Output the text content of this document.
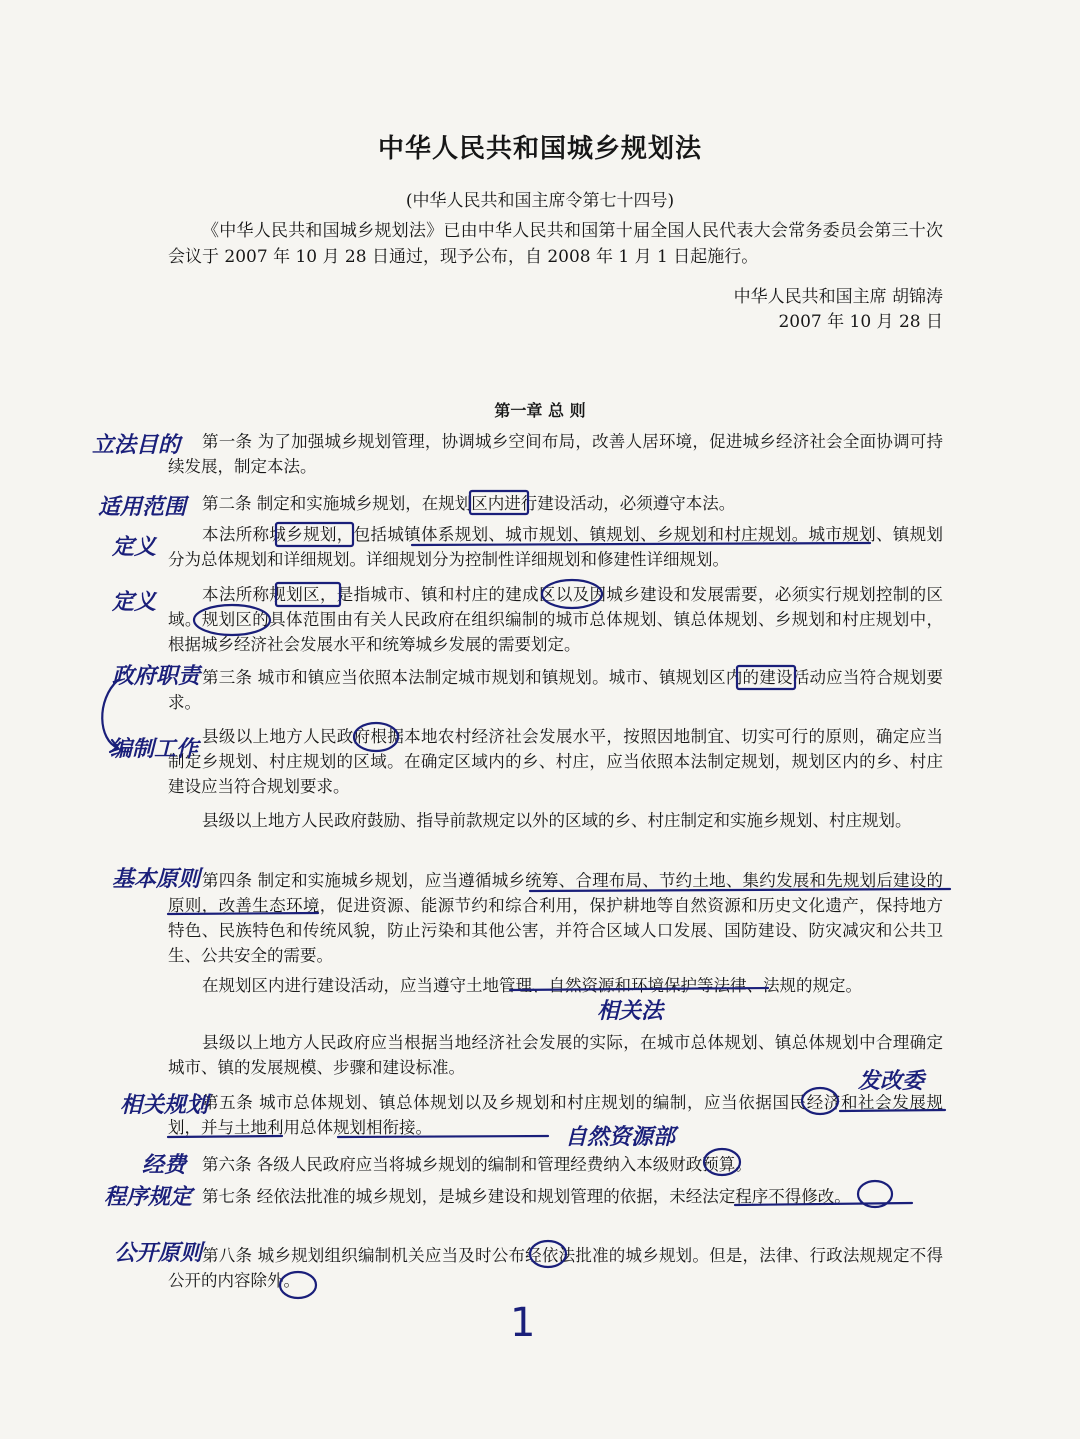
中华人民共和国城乡规划法
(中华人民共和国主席令第七十四号)
《中华人民共和国城乡规划法》已由中华人民共和国第十届全国人民代表大会常务委员会第三十次会议于 2007 年 10 月 28 日通过，现予公布，自 2008 年 1 月 1 日起施行。
中华人民共和国主席 胡锦涛
2007 年 10 月 28 日
第一章 总 则
第一条 为了加强城乡规划管理，协调城乡空间布局，改善人居环境，促进城乡经济社会全面协调可持续发展，制定本法。
第二条 制定和实施城乡规划，在规划区内进行建设活动，必须遵守本法。
本法所称城乡规划，包括城镇体系规划、城市规划、镇规划、乡规划和村庄规划。城市规划、镇规划分为总体规划和详细规划。详细规划分为控制性详细规划和修建性详细规划。
本法所称规划区，是指城市、镇和村庄的建成区以及因城乡建设和发展需要，必须实行规划控制的区域。规划区的具体范围由有关人民政府在组织编制的城市总体规划、镇总体规划、乡规划和村庄规划中，根据城乡经济社会发展水平和统筹城乡发展的需要划定。
第三条 城市和镇应当依照本法制定城市规划和镇规划。城市、镇规划区内的建设活动应当符合规划要求。
县级以上地方人民政府根据本地农村经济社会发展水平，按照因地制宜、切实可行的原则，确定应当制定乡规划、村庄规划的区域。在确定区域内的乡、村庄，应当依照本法制定规划，规划区内的乡、村庄建设应当符合规划要求。
县级以上地方人民政府鼓励、指导前款规定以外的区域的乡、村庄制定和实施乡规划、村庄规划。
第四条 制定和实施城乡规划，应当遵循城乡统筹、合理布局、节约土地、集约发展和先规划后建设的原则，改善生态环境，促进资源、能源节约和综合利用，保护耕地等自然资源和历史文化遗产，保持地方特色、民族特色和传统风貌，防止污染和其他公害，并符合区域人口发展、国防建设、防灾减灾和公共卫生、公共安全的需要。
在规划区内进行建设活动，应当遵守土地管理、自然资源和环境保护等法律、法规的规定。
县级以上地方人民政府应当根据当地经济社会发展的实际，在城市总体规划、镇总体规划中合理确定城市、镇的发展规模、步骤和建设标准。
第五条 城市总体规划、镇总体规划以及乡规划和村庄规划的编制，应当依据国民经济和社会发展规划，并与土地利用总体规划相衔接。
第六条 各级人民政府应当将城乡规划的编制和管理经费纳入本级财政预算。
第七条 经依法批准的城乡规划，是城乡建设和规划管理的依据，未经法定程序不得修改。
第八条 城乡规划组织编制机关应当及时公布经依法批准的城乡规划。但是，法律、行政法规规定不得公开的内容除外。
立法目的
适用范围
定义
定义
政府职责
编制工作
基本原则
相关法
发改委
相关规划
自然资源部
经费
程序规定
公开原则
1
